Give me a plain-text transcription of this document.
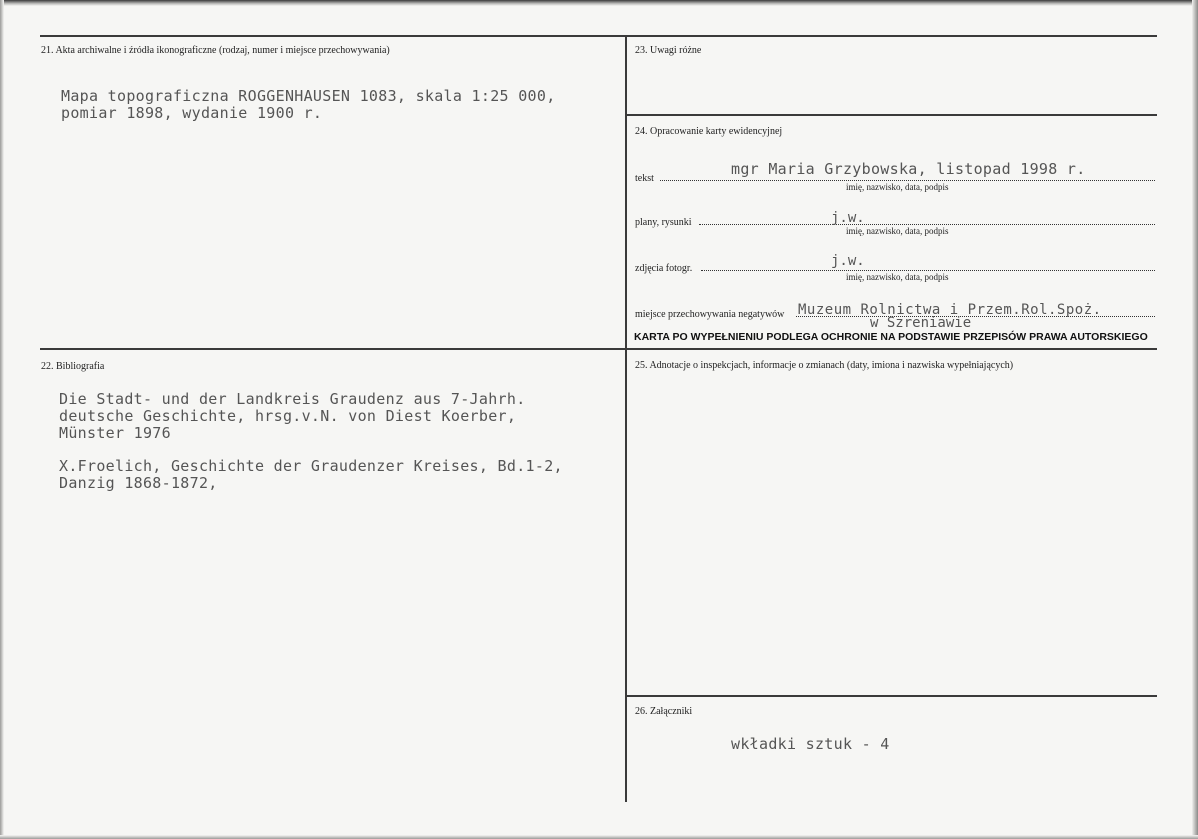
21. Akta archiwalne i źródła ikonograficzne (rodzaj, numer i miejsce przechowywania)
Mapa topograficzna ROGGENHAUSEN 1083, skala 1:25 000,
pomiar 1898, wydanie 1900 r.
22. Bibliografia
Die Stadt- und der Landkreis Graudenz aus 7-Jahrh.
deutsche Geschichte, hrsg.v.N. von Diest Koerber,
Münster 1976
X.Froelich, Geschichte der Graudenzer Kreises, Bd.1-2,
Danzig 1868-1872,
23. Uwagi różne
24. Opracowanie karty ewidencyjnej
tekst
mgr Maria Grzybowska, listopad 1998 r.
imię, nazwisko, data, podpis
plany, rysunki	j.w.
imię, nazwisko, data, podpis
zdjęcia fotogr.	j.w.
imię, nazwisko, data, podpis
miejsce przechowywania negatywów Muzeum Rolnictwa i Przem.Rol.Spoż.
w Szreniawie
KARTA PO WYPEŁNIENIU PODLEGA OCHRONIE NA PODSTAWIE PRZEPISÓW PRAWA AUTORSKIEGO
25. Adnotacje o inspekcjach, informacje o zmianach (daty, imiona i nazwiska wypełniających)
26. Załączniki
wkładki sztuk - 4
